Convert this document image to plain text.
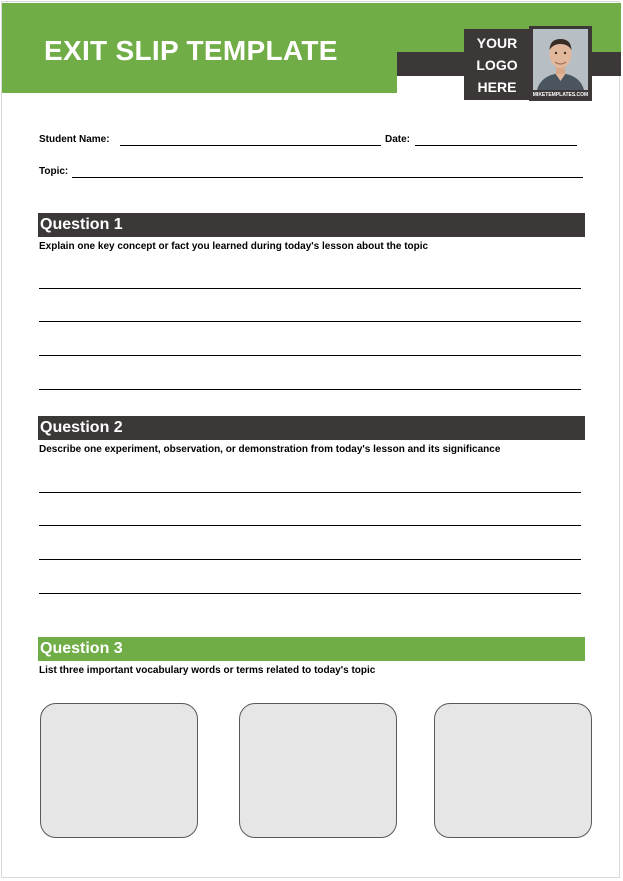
EXIT SLIP TEMPLATE	YOUR
LOGO
HERE
MIKETEMPLATES.COM
Student Name:	Date:
Topic:
Question 1
Explain one key concept or fact you learned during today's lesson about the topic
Question 2
Describe one experiment, observation, or demonstration from today's lesson and its significance
Question 3
List three important vocabulary words or terms related to today's topic
